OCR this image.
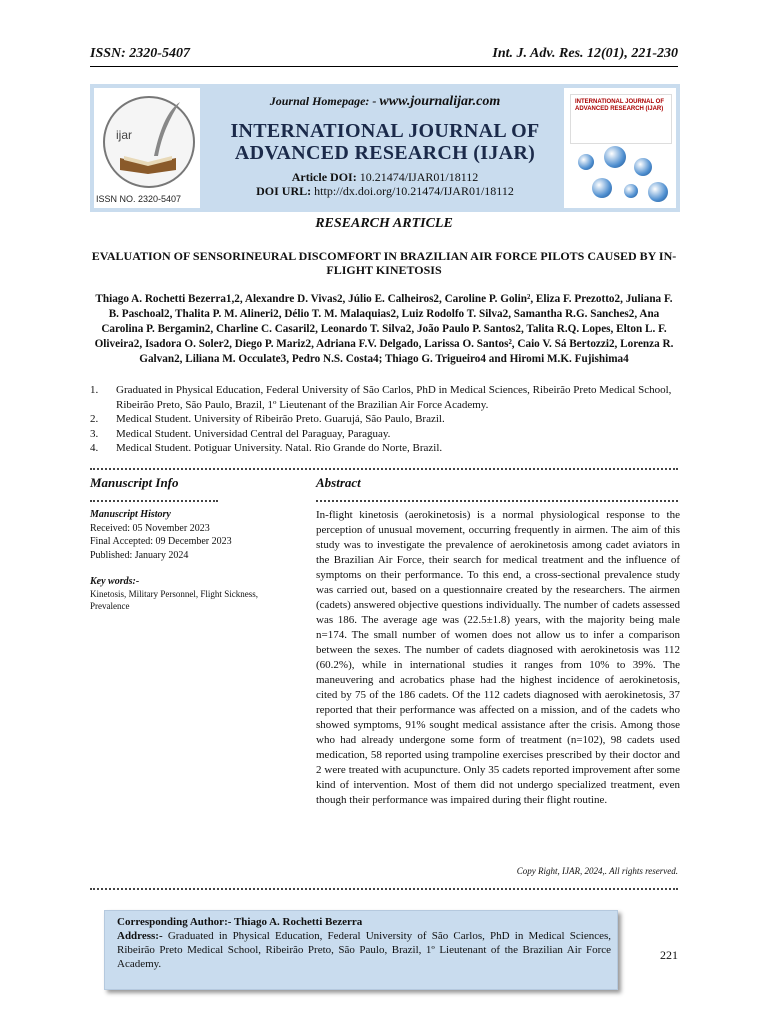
ISSN: 2320-5407	Int. J. Adv. Res. 12(01), 221-230
ijar
ISSN NO. 2320-5407
Journal Homepage: - www.journalijar.com
INTERNATIONAL JOURNAL OF
ADVANCED RESEARCH (IJAR)
Article DOI: 10.21474/IJAR01/18112
DOI URL: http://dx.doi.org/10.21474/IJAR01/18112
INTERNATIONAL JOURNAL OF ADVANCED RESEARCH (IJAR)
RESEARCH ARTICLE
EVALUATION OF SENSORINEURAL DISCOMFORT IN BRAZILIAN AIR FORCE PILOTS CAUSED BY IN-FLIGHT KINETOSIS
Thiago A. Rochetti Bezerra1,2, Alexandre D. Vivas2, Júlio E. Calheiros2, Caroline P. Golin², Eliza F. Prezotto2, Juliana F. B. Paschoal2, Thalita P. M. Alineri2, Délio T. M. Malaquias2, Luiz Rodolfo T. Silva2, Samantha R.G. Sanches2, Ana Carolina P. Bergamin2, Charline C. Casaril2, Leonardo T. Silva2, João Paulo P. Santos2, Talita R.Q. Lopes, Elton L. F. Oliveira2, Isadora O. Soler2, Diego P. Mariz2, Adriana F.V. Delgado, Larissa O. Santos², Caio V. Sá Bertozzi2, Lorenza R. Galvan2, Liliana M. Occulate3, Pedro N.S. Costa4; Thiago G. Trigueiro4 and Hiromi M.K. Fujishima4
1. Graduated in Physical Education, Federal University of São Carlos, PhD in Medical Sciences, Ribeirão Preto Medical School, Ribeirão Preto, São Paulo, Brazil, 1º Lieutenant of the Brazilian Air Force Academy.
2. Medical Student. University of Ribeirão Preto. Guarujá, São Paulo, Brazil.
3. Medical Student. Universidad Central del Paraguay, Paraguay.
4. Medical Student. Potiguar University. Natal. Rio Grande do Norte, Brazil.
Manuscript Info	Abstract
Manuscript History
Received: 05 November 2023
Final Accepted: 09 December 2023
Published: January 2024
Key words:-
Kinetosis, Military Personnel, Flight Sickness, Prevalence
In-flight kinetosis (aerokinetosis) is a normal physiological response to the perception of unusual movement, occurring frequently in airmen. The aim of this study was to investigate the prevalence of aerokinetosis among cadet aviators in the Brazilian Air Force, their search for medical treatment and the influence of symptoms on their performance. To this end, a cross-sectional prevalence study was carried out, based on a questionnaire created by the researchers. The airmen (cadets) answered objective questions individually. The number of cadets assessed was 186. The average age was (22.5±1.8) years, with the majority being male n=174. The small number of women does not allow us to infer a comparison between the sexes. The number of cadets diagnosed with aerokinetosis was 112 (60.2%), while in international studies it ranges from 10% to 39%. The maneuvering and acrobatics phase had the highest incidence of aerokinetosis, cited by 75 of the 186 cadets. Of the 112 cadets diagnosed with aerokinetosis, 37 reported that their performance was affected on a mission, and of the cadets who showed symptoms, 91% sought medical assistance after the crisis. Among those who had already undergone some form of treatment (n=102), 98 cadets used medication, 58 reported using trampoline exercises prescribed by their doctor and 2 were treated with acupuncture. Only 35 cadets reported improvement after some kind of intervention. Most of them did not undergo specialized treatment, even though their performance was impaired during their flight routine.
Copy Right, IJAR, 2024,. All rights reserved.
Corresponding Author:- Thiago A. Rochetti Bezerra
Address:- Graduated in Physical Education, Federal University of São Carlos, PhD in Medical Sciences, Ribeirão Preto Medical School, Ribeirão Preto, São Paulo, Brazil, 1º Lieutenant of the Brazilian Air Force Academy.
221
